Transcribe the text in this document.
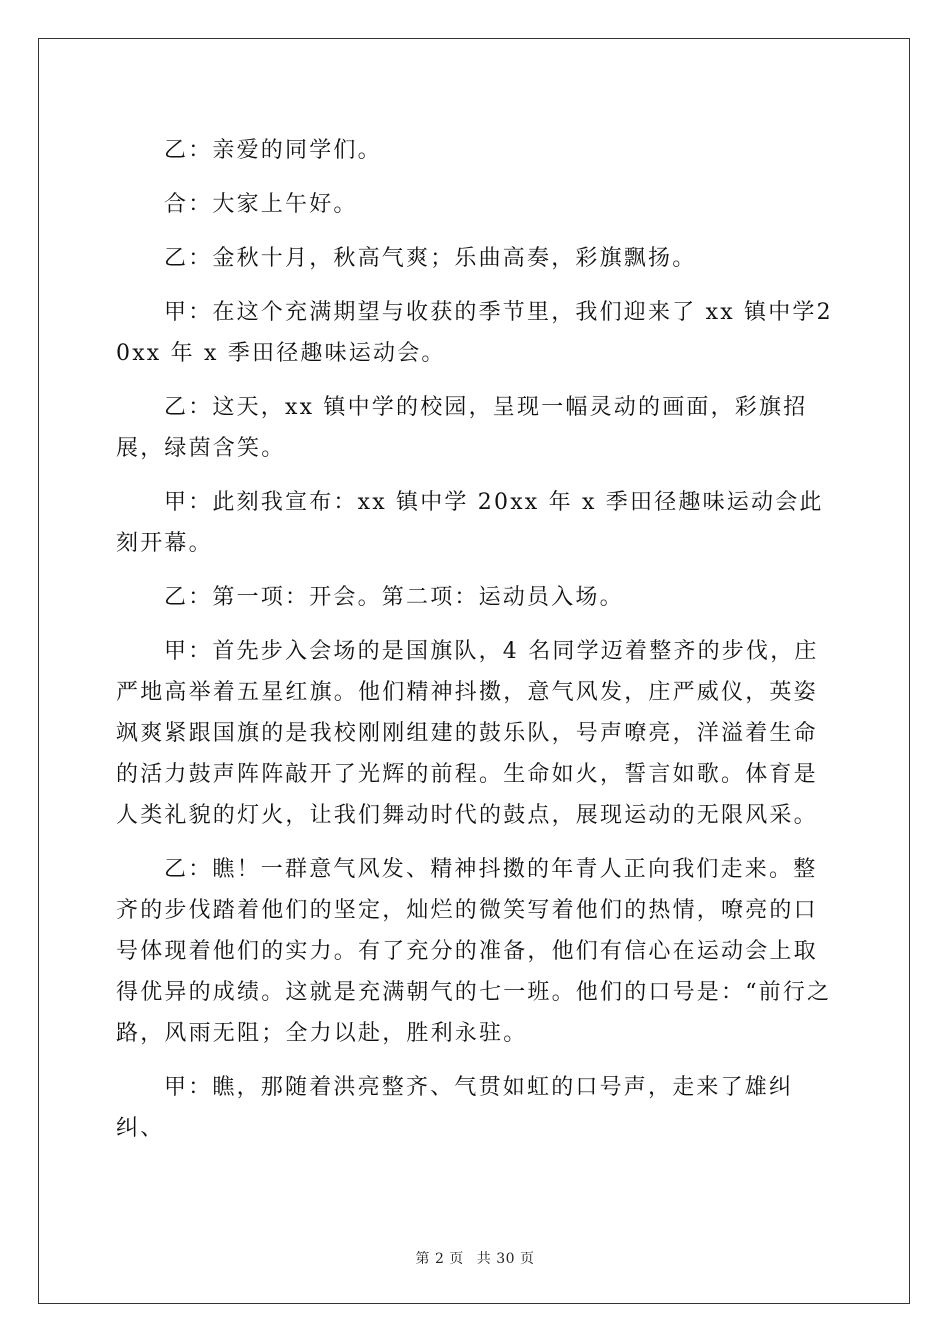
乙：亲爱的同学们。

合：大家上午好。

乙：金秋十月，秋高气爽；乐曲高奏，彩旗飘扬。

甲：在这个充满期望与收获的季节里，我们迎来了 xx 镇中学20xx 年 x 季田径趣味运动会。

乙：这天，xx 镇中学的校园，呈现一幅灵动的画面，彩旗招展，绿茵含笑。

甲：此刻我宣布：xx 镇中学 20xx 年 x 季田径趣味运动会此刻开幕。

乙：第一项：开会。第二项：运动员入场。

甲：首先步入会场的是国旗队，4 名同学迈着整齐的步伐，庄严地高举着五星红旗。他们精神抖擞，意气风发，庄严威仪，英姿飒爽紧跟国旗的是我校刚刚组建的鼓乐队，号声嘹亮，洋溢着生命的活力鼓声阵阵敲开了光辉的前程。生命如火，誓言如歌。体育是人类礼貌的灯火，让我们舞动时代的鼓点，展现运动的无限风采。

乙：瞧！一群意气风发、精神抖擞的年青人正向我们走来。整齐的步伐踏着他们的坚定，灿烂的微笑写着他们的热情，嘹亮的口号体现着他们的实力。有了充分的准备，他们有信心在运动会上取得优异的成绩。这就是充满朝气的七一班。他们的口号是：“前行之路，风雨无阻；全力以赴，胜利永驻。

甲：瞧，那随着洪亮整齐、气贯如虹的口号声，走来了雄纠纠、

第 2 页 共 30 页
